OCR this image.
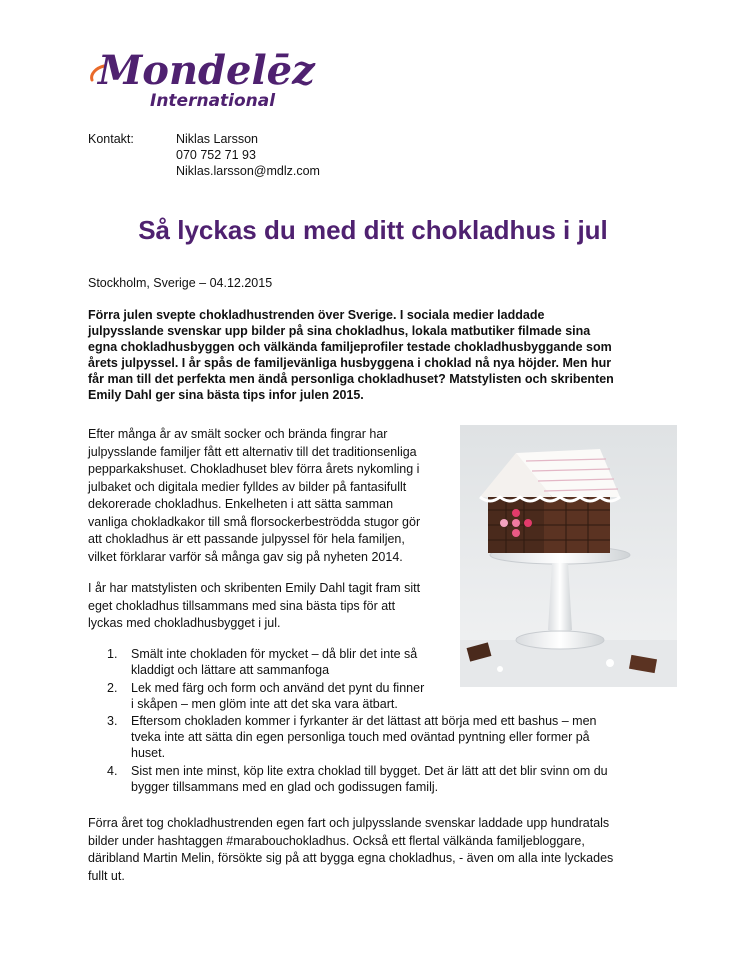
Mondelēz
International
Kontakt:	Niklas Larsson
070 752 71 93
Niklas.larsson@mdlz.com
Så lyckas du med ditt chokladhus i jul
Stockholm, Sverige – 04.12.2015
Förra julen svepte chokladhustrenden över Sverige. I sociala medier laddade
julpysslande svenskar upp bilder på sina chokladhus, lokala matbutiker filmade sina
egna chokladhusbyggen och välkända familjeprofiler testade chokladhusbyggande som
årets julpyssel. I år spås de familjevänliga husbyggena i choklad nå nya höjder. Men hur
får man till det perfekta men ändå personliga chokladhuset? Matstylisten och skribenten
Emily Dahl ger sina bästa tips infor julen 2015.
Efter många år av smält socker och brända fingrar har
julpysslande familjer fått ett alternativ till det traditionsenliga
pepparkakshuset. Chokladhuset blev förra årets nykomling i
julbaket och digitala medier fylldes av bilder på fantasifullt
dekorerade chokladhus. Enkelheten i att sätta samman
vanliga chokladkakor till små florsockerbeströdda stugor gör
att chokladhus är ett passande julpyssel för hela familjen,
vilket förklarar varför så många gav sig på nyheten 2014.
I år har matstylisten och skribenten Emily Dahl tagit fram sitt
eget chokladhus tillsammans med sina bästa tips för att
lyckas med chokladhusbygget i jul.
1. Smält inte chokladen för mycket – då blir det inte så
kladdigt och lättare att sammanfoga
2. Lek med färg och form och använd det pynt du finner
i skåpen – men glöm inte att det ska vara ätbart.
3. Eftersom chokladen kommer i fyrkanter är det lättast att börja med ett bashus – men
tveka inte att sätta din egen personliga touch med oväntad pyntning eller former på
huset.
4. Sist men inte minst, köp lite extra choklad till bygget. Det är lätt att det blir svinn om du
bygger tillsammans med en glad och godissugen familj.
Förra året tog chokladhustrenden egen fart och julpysslande svenskar laddade upp hundratals
bilder under hashtaggen #marabouchokladhus. Också ett flertal välkända familjebloggare,
däribland Martin Melin, försökte sig på att bygga egna chokladhus, - även om alla inte lyckades
fullt ut.
